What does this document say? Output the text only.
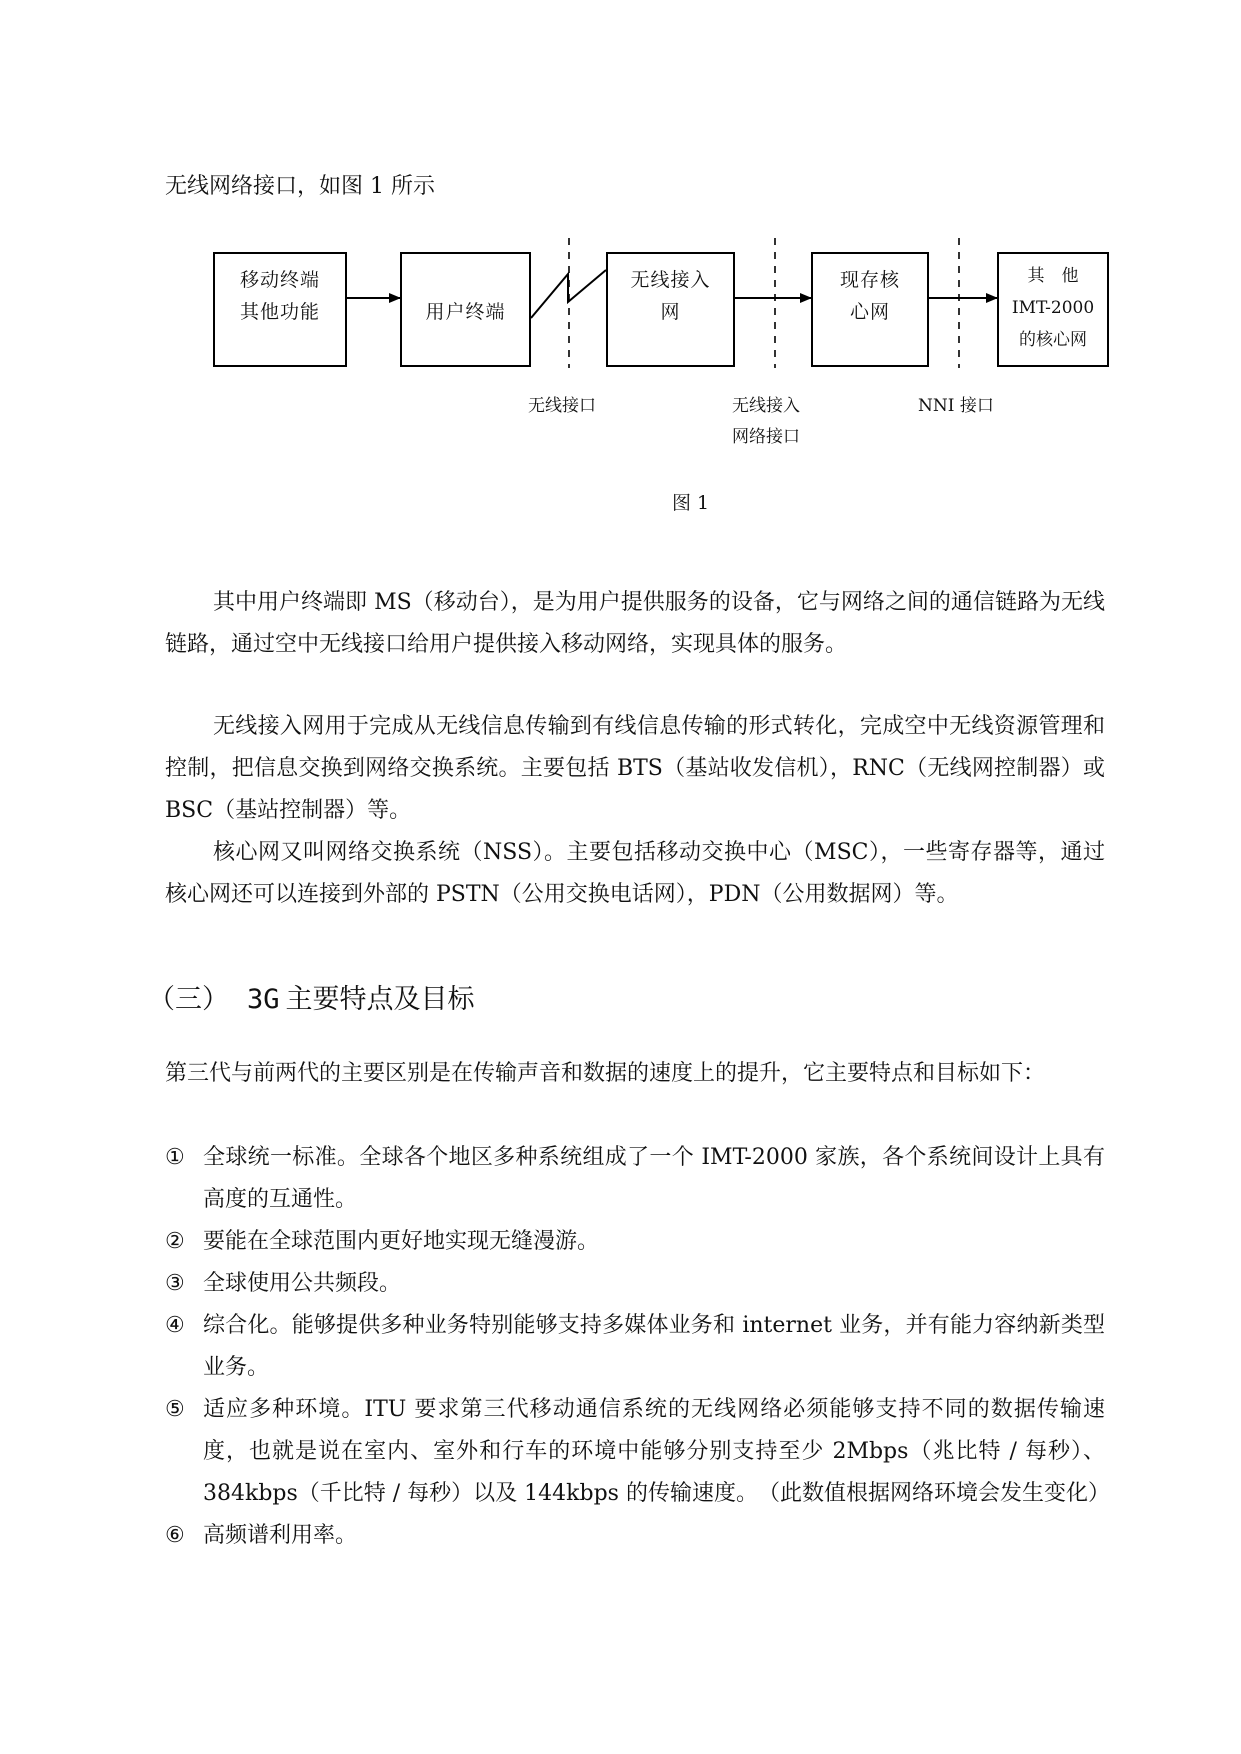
无线网络接口，如图 1 所示
移动终端
其他功能	用户终端
无线接入
网
现存核
心网
其　他
IMT-2000
的核心网
无线接口	无线接入
网络接口
NNI 接口
图 1

其中用户终端即 MS（移动台），是为用户提供服务的设备，它与网络之间的通信链路为无线链路，通过空中无线接口给用户提供接入移动网络，实现具体的服务。

无线接入网用于完成从无线信息传输到有线信息传输的形式转化，完成空中无线资源管理和控制，把信息交换到网络交换系统。主要包括 BTS（基站收发信机），RNC（无线网控制器）或 BSC（基站控制器）等。

核心网又叫网络交换系统（NSS）。主要包括移动交换中心（MSC），一些寄存器等，通过核心网还可以连接到外部的 PSTN（公用交换电话网），PDN（公用数据网）等。

（三） 3G 主要特点及目标

第三代与前两代的主要区别是在传输声音和数据的速度上的提升，它主要特点和目标如下：

① 全球统一标准。全球各个地区多种系统组成了一个 IMT-2000 家族，各个系统间设计上具有高度的互通性。
② 要能在全球范围内更好地实现无缝漫游。
③ 全球使用公共频段。
④ 综合化。能够提供多种业务特别能够支持多媒体业务和 internet 业务，并有能力容纳新类型业务。
⑤ 适应多种环境。ITU 要求第三代移动通信系统的无线网络必须能够支持不同的数据传输速度，也就是说在室内、室外和行车的环境中能够分别支持至少 2Mbps（兆比特 / 每秒）、384kbps（千比特 / 每秒）以及 144kbps 的传输速度。　（此数值根据网络环境会发生变化）
⑥ 高频谱利用率。
